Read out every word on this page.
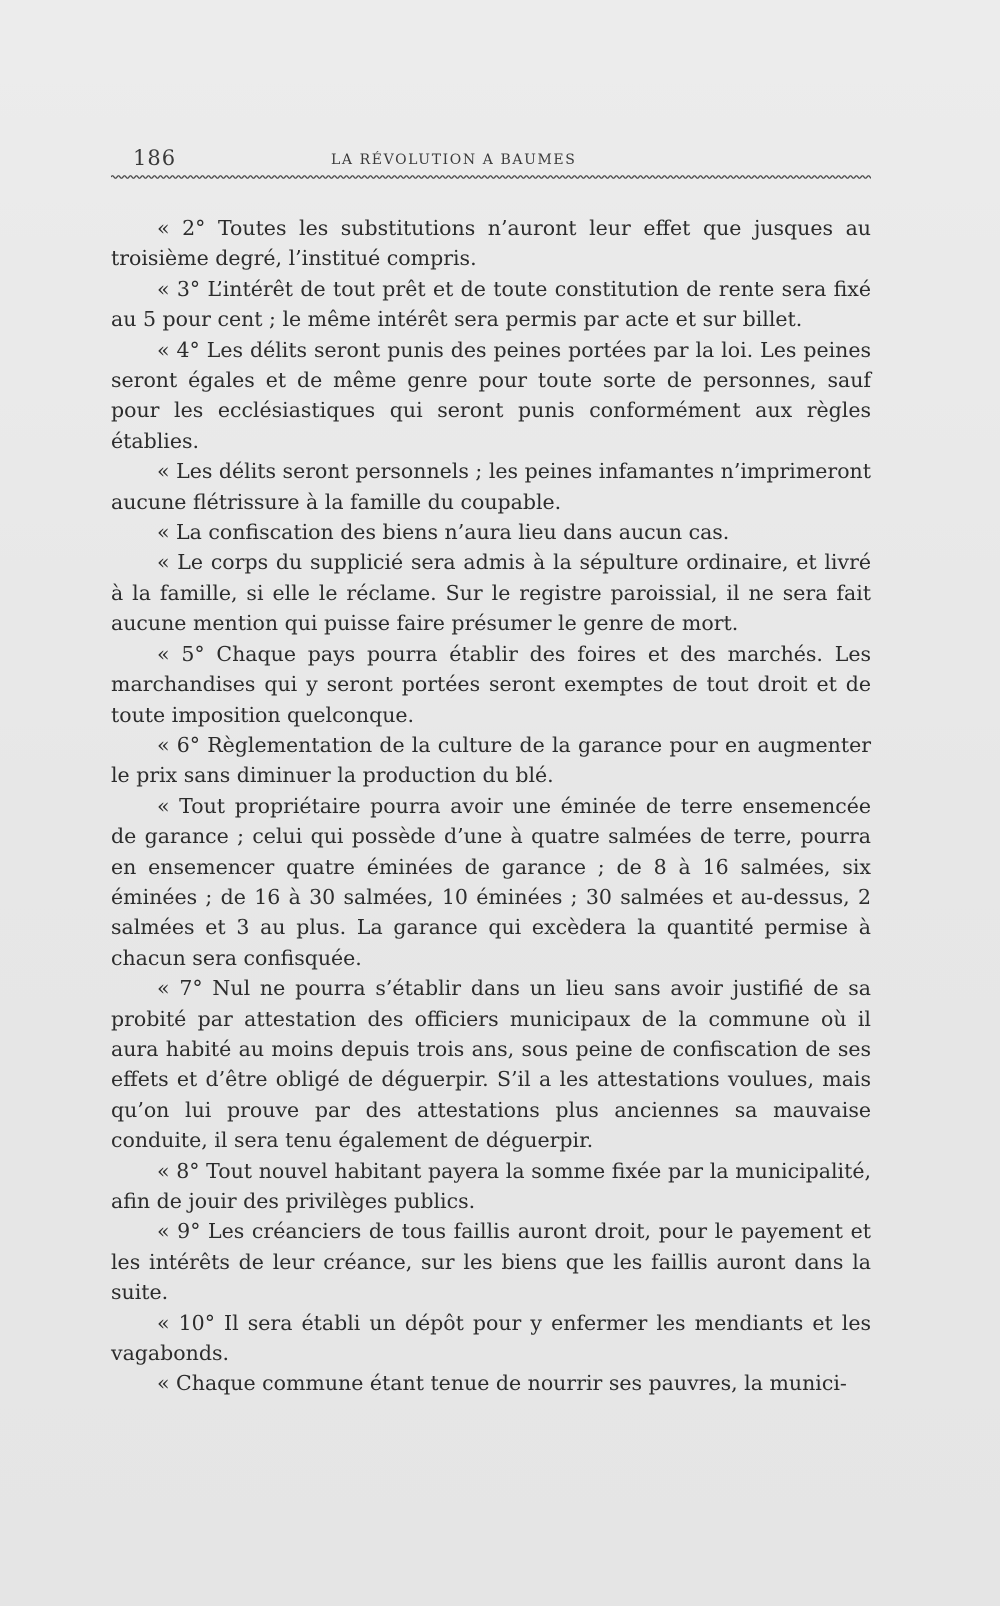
186	LA RÉVOLUTION A BAUMES

« 2° Toutes les substitutions n’auront leur effet que jusques au troisième degré, l’institué compris.

« 3° L’intérêt de tout prêt et de toute constitution de rente sera fixé au 5 pour cent ; le même intérêt sera permis par acte et sur billet.

« 4° Les délits seront punis des peines portées par la loi. Les peines seront égales et de même genre pour toute sorte de personnes, sauf pour les ecclésiastiques qui seront punis conformément aux règles établies.

« Les délits seront personnels ; les peines infamantes n’imprimeront aucune flétrissure à la famille du coupable.

« La confiscation des biens n’aura lieu dans aucun cas.

« Le corps du supplicié sera admis à la sépulture ordinaire, et livré à la famille, si elle le réclame. Sur le registre paroissial, il ne sera fait aucune mention qui puisse faire présumer le genre de mort.

« 5° Chaque pays pourra établir des foires et des marchés. Les marchandises qui y seront portées seront exemptes de tout droit et de toute imposition quelconque.

« 6° Règlementation de la culture de la garance pour en augmenter le prix sans diminuer la production du blé.

« Tout propriétaire pourra avoir une éminée de terre ensemencée de garance ; celui qui possède d’une à quatre salmées de terre, pourra en ensemencer quatre éminées de garance ; de 8 à 16 salmées, six éminées ; de 16 à 30 salmées, 10 éminées ; 30 salmées et au-dessus, 2 salmées et 3 au plus. La garance qui excèdera la quantité permise à chacun sera confisquée.

« 7° Nul ne pourra s’établir dans un lieu sans avoir justifié de sa probité par attestation des officiers municipaux de la commune où il aura habité au moins depuis trois ans, sous peine de confiscation de ses effets et d’être obligé de déguerpir. S’il a les attestations voulues, mais qu’on lui prouve par des attestations plus anciennes sa mauvaise conduite, il sera tenu également de déguerpir.

« 8° Tout nouvel habitant payera la somme fixée par la municipalité, afin de jouir des privilèges publics.

« 9° Les créanciers de tous faillis auront droit, pour le payement et les intérêts de leur créance, sur les biens que les faillis auront dans la suite.

« 10° Il sera établi un dépôt pour y enfermer les mendiants et les vagabonds.

« Chaque commune étant tenue de nourrir ses pauvres, la munici-
